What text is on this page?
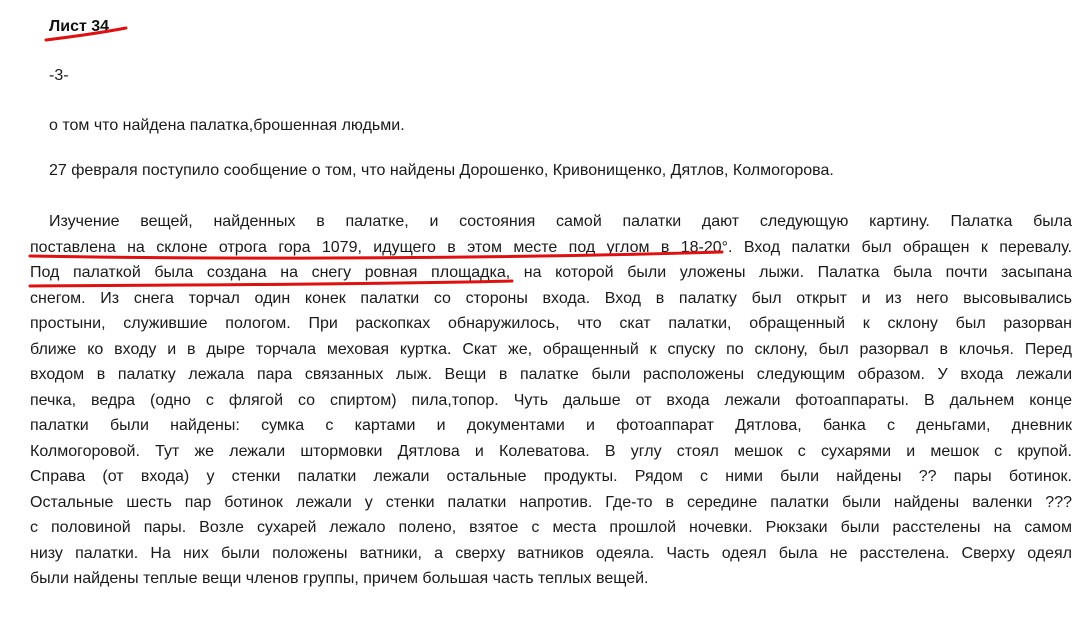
Лист 34

-3-

о том что найдена палатка,брошенная людьми.

27 февраля поступило сообщение о том, что найдены Дорошенко, Кривонищенко, Дятлов, Колмогорова.

Изучение вещей, найденных в палатке, и состояния самой палатки дают следующую картину. Палатка была
поставлена на склоне отрога гора 1079, идущего в этом месте под углом в 18-20°. Вход палатки был обращен к перевалу.
Под палаткой была создана на снегу ровная площадка, на которой были уложены лыжи. Палатка была почти засыпана
снегом. Из снега торчал один конек палатки со стороны входа. Вход в палатку был открыт и из него высовывались
простыни, служившие пологом. При раскопках обнаружилось, что скат палатки, обращенный к склону был разорван
ближе ко входу и в дыре торчала меховая куртка. Скат же, обращенный к спуску по склону, был разорвал в клочья. Перед
входом в палатку лежала пара связанных лыж. Вещи в палатке были расположены следующим образом. У входа лежали
печка, ведра (одно с флягой со спиртом) пила,топор. Чуть дальше от входа лежали фотоаппараты. В дальнем конце
палатки были найдены: сумка с картами и документами и фотоаппарат Дятлова, банка с деньгами, дневник
Колмогоровой. Тут же лежали штормовки Дятлова и Колеватова. В углу стоял мешок с сухарями и мешок с крупой.
Справа (от входа) у стенки палатки лежали остальные продукты. Рядом с ними были найдены ?? пары ботинок.
Остальные шесть пар ботинок лежали у стенки палатки напротив. Где-то в середине палатки были найдены валенки ???
с половиной пары. Возле сухарей лежало полено, взятое с места прошлой ночевки. Рюкзаки были расстелены на самом
низу палатки. На них были положены ватники, а сверху ватников одеяла. Часть одеял была не расстелена. Сверху одеял
были найдены теплые вещи членов группы, причем большая часть теплых вещей.
